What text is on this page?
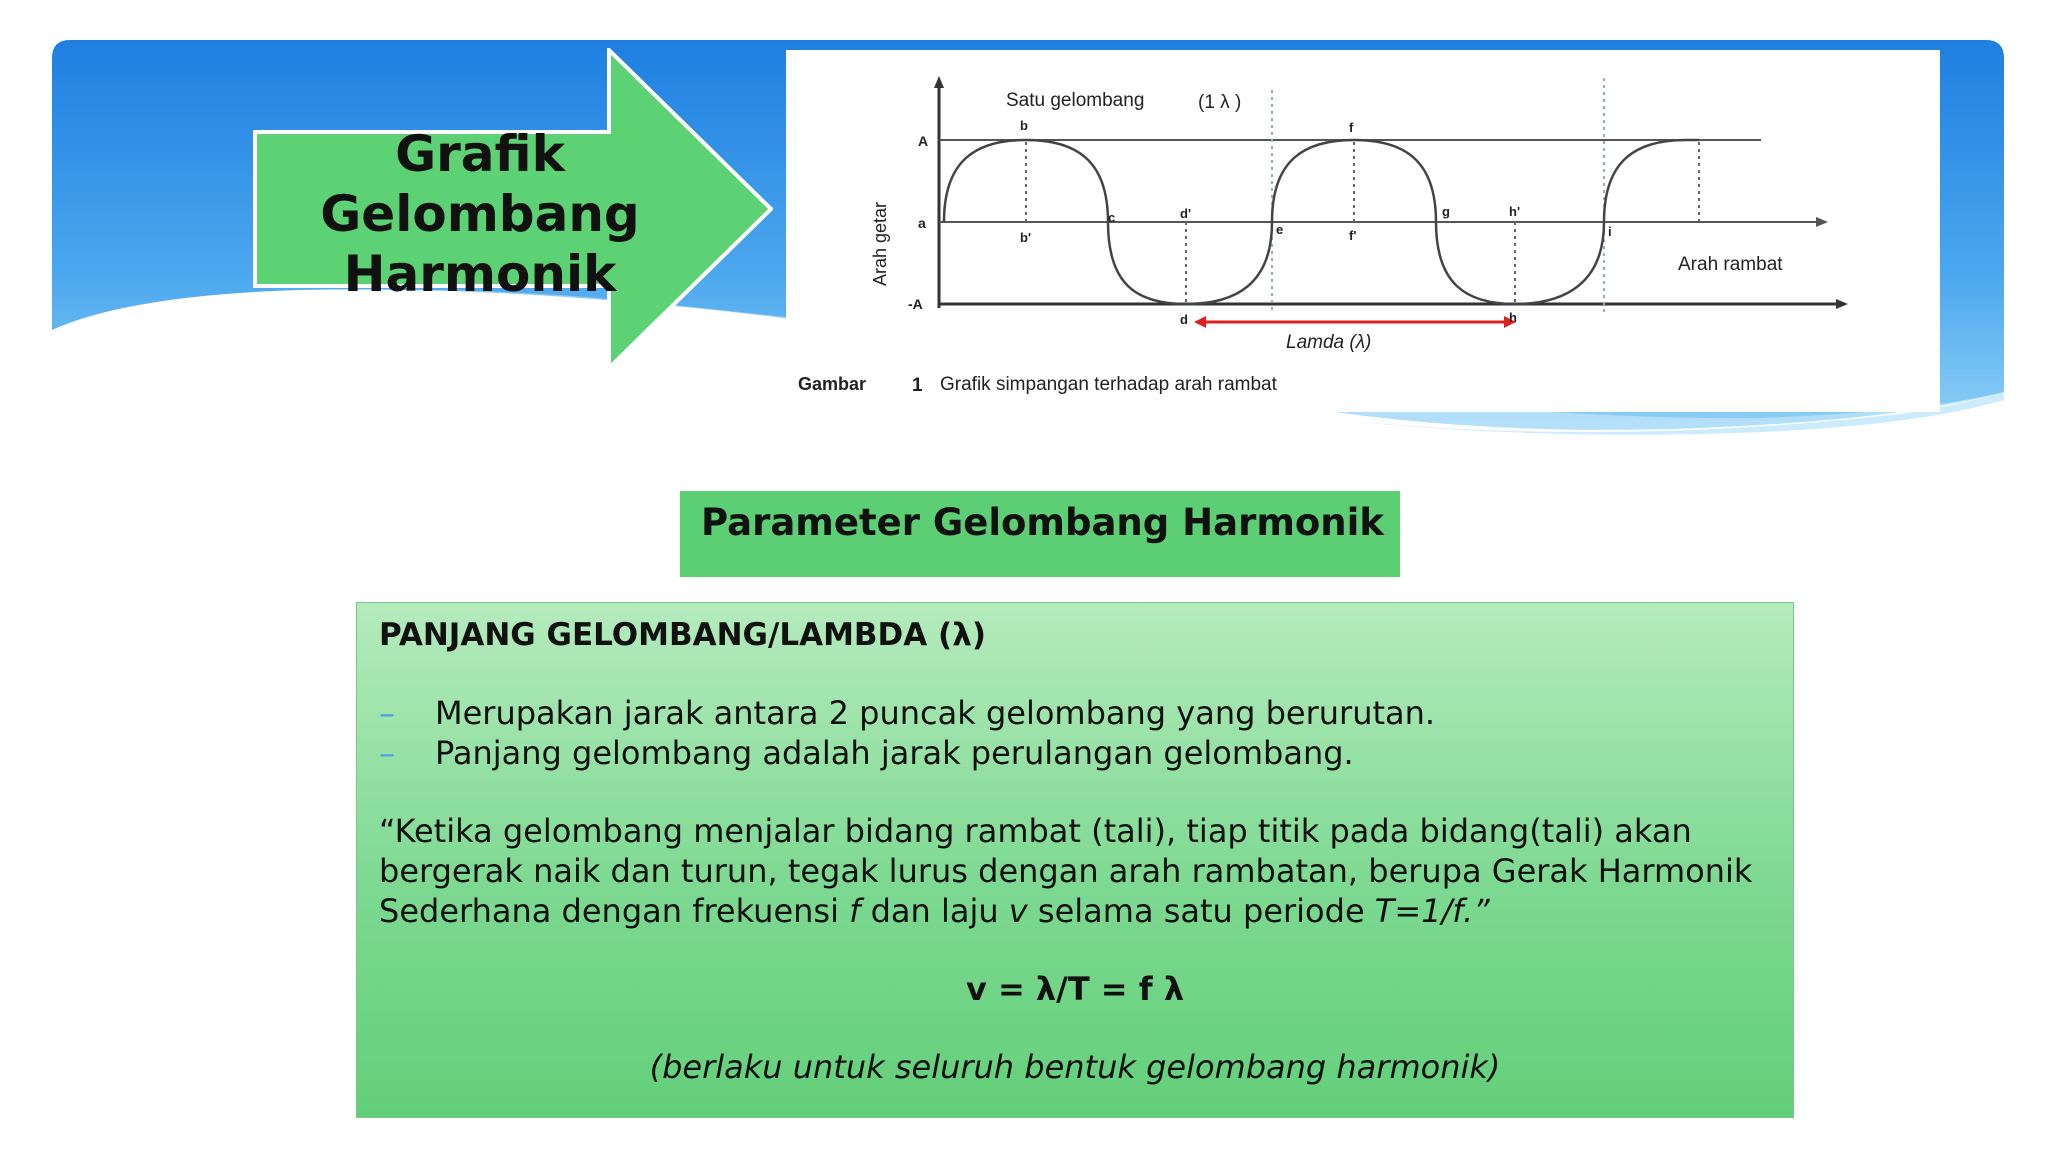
Grafik
Gelombang
Harmonik
Satu gelombang	(1 λ )
A
a
-A
Arah getar	Arah rambat
Lamda (λ)
b
b'
c
d
d'
e
f
f'
g
h
h'
i
Gambar 1 Grafik simpangan terhadap arah rambat
Parameter Gelombang Harmonik
PANJANG GELOMBANG/LAMBDA (λ)
– Merupakan jarak antara 2 puncak gelombang yang berurutan.
– Panjang gelombang adalah jarak perulangan gelombang.
“Ketika gelombang menjalar bidang rambat (tali), tiap titik pada bidang(tali) akan bergerak naik dan turun, tegak lurus dengan arah rambatan, berupa Gerak Harmonik Sederhana dengan frekuensi f dan laju v selama satu periode T=1/f.”
v = λ/T = f λ
(berlaku untuk seluruh bentuk gelombang harmonik)
